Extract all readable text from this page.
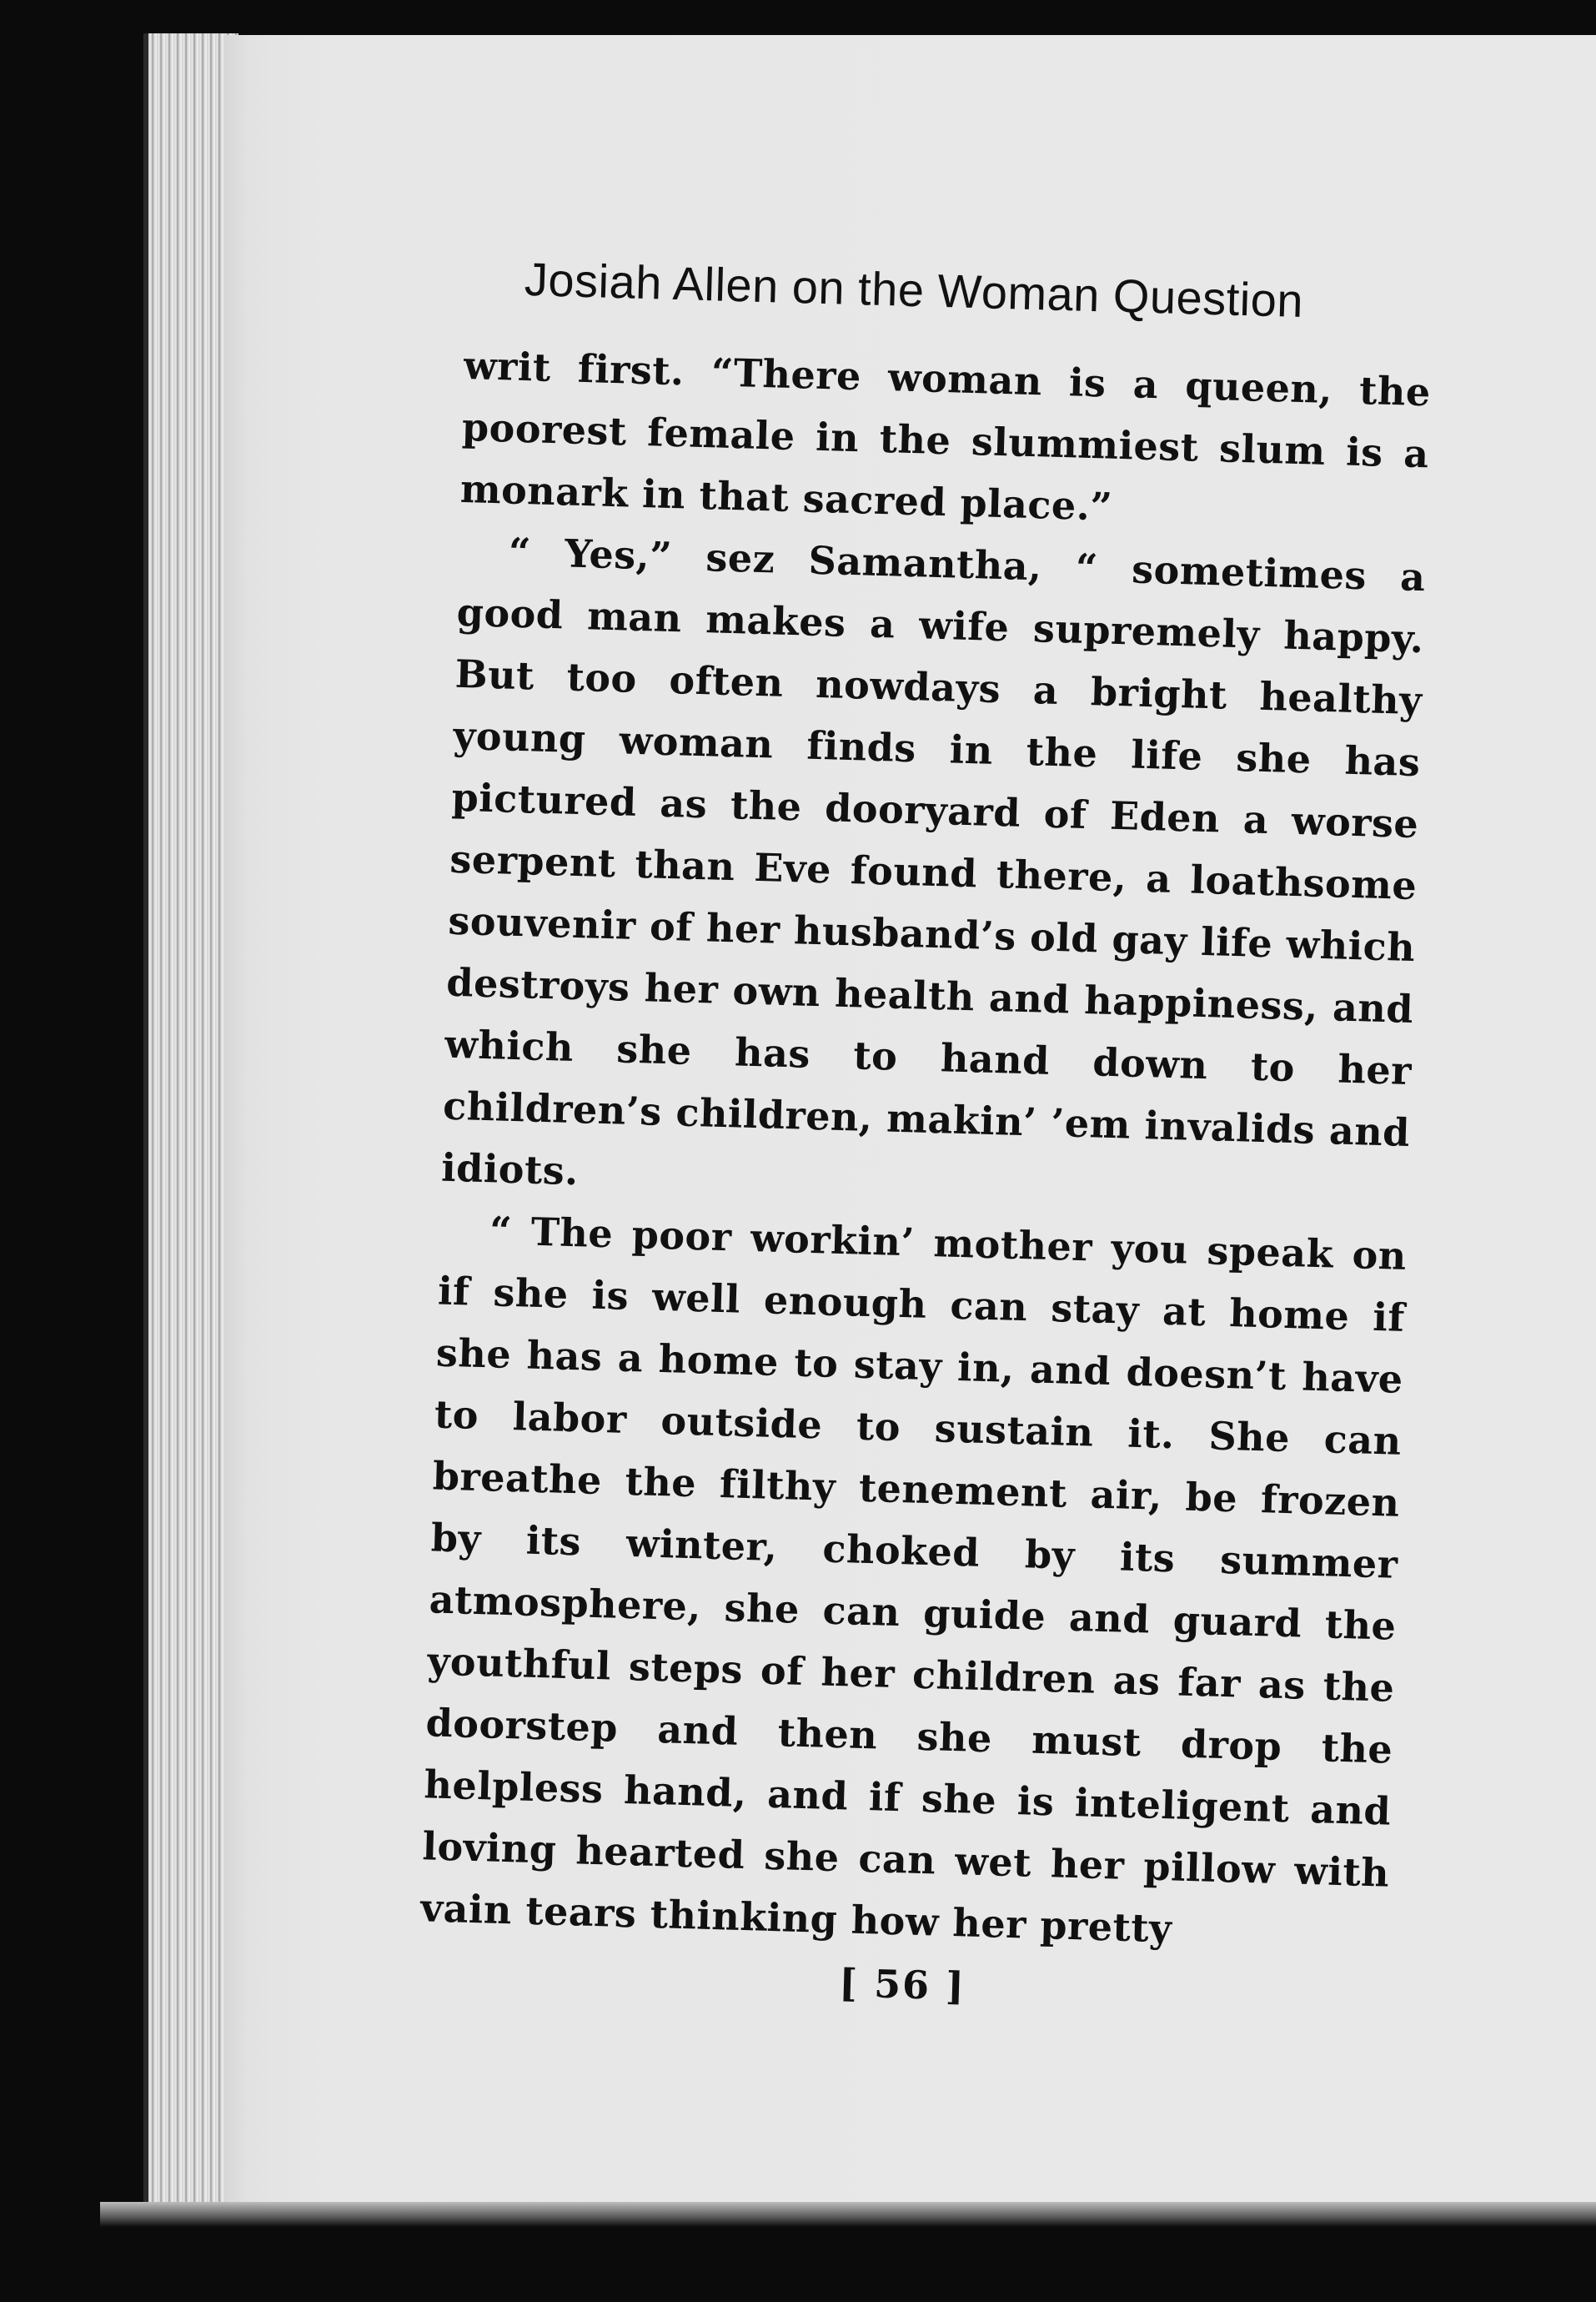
Josiah Allen on the Woman Question

writ first. “There woman is a queen, the poorest female in the slummiest slum is a monark in that sacred place.”

“ Yes,” sez Samantha, “ sometimes a good man makes a wife supremely happy. But too often nowdays a bright healthy young woman finds in the life she has pictured as the dooryard of Eden a worse serpent than Eve found there, a loathsome souvenir of her husband’s old gay life which destroys her own health and happiness, and which she has to hand down to her children’s children, makin’ ’em invalids and idiots.

“ The poor workin’ mother you speak on if she is well enough can stay at home if she has a home to stay in, and doesn’t have to labor outside to sustain it. She can breathe the filthy tenement air, be frozen by its winter, choked by its summer atmosphere, she can guide and guard the youthful steps of her children as far as the doorstep and then she must drop the helpless hand, and if she is inteligent and loving hearted she can wet her pillow with vain tears thinking how her pretty

[ 56 ]
